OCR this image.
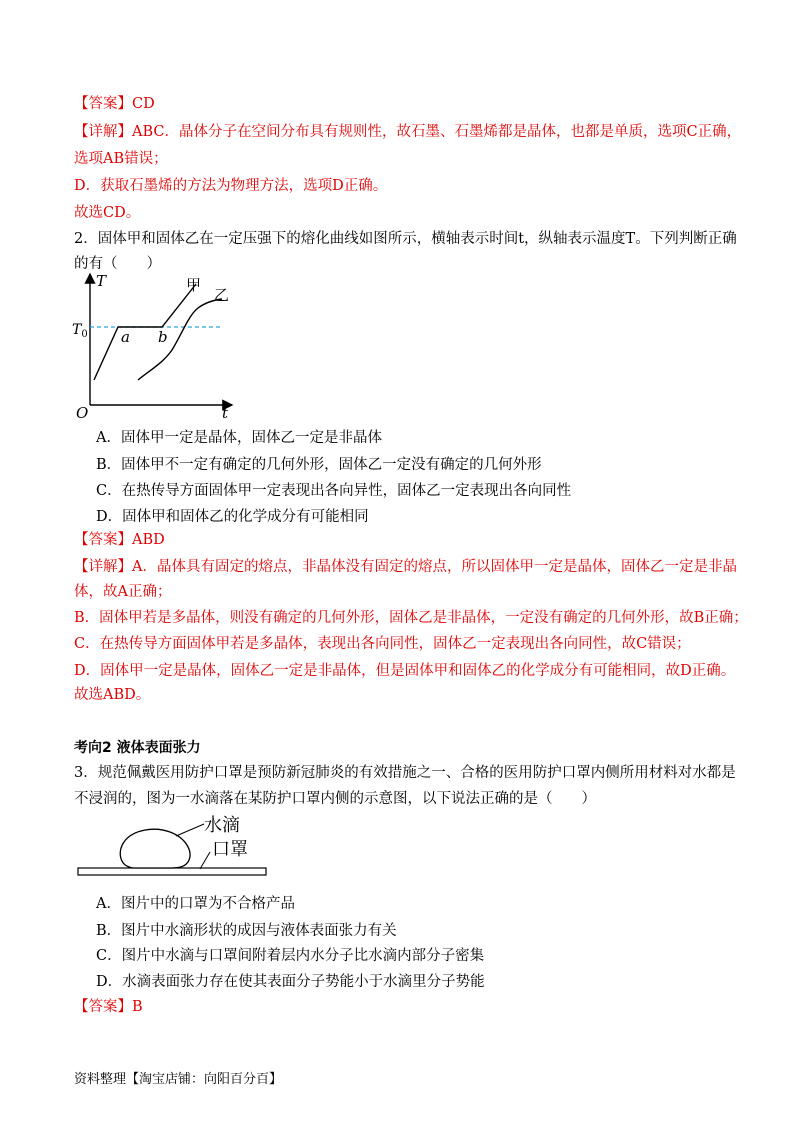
【答案】CD
【详解】ABC．晶体分子在空间分布具有规则性，故石墨、石墨烯都是晶体，也都是单质，选项C正确，
选项AB错误；
D．获取石墨烯的方法为物理方法，选项D正确。
故选CD。
2．固体甲和固体乙在一定压强下的熔化曲线如图所示，横轴表示时间t，纵轴表示温度T。下列判断正确
的有（　　）
T
t
O
$T_0$ a b
甲
乙
A．固体甲一定是晶体，固体乙一定是非晶体
B．固体甲不一定有确定的几何外形，固体乙一定没有确定的几何外形
C．在热传导方面固体甲一定表现出各向异性，固体乙一定表现出各向同性
D．固体甲和固体乙的化学成分有可能相同
【答案】ABD
【详解】A．晶体具有固定的熔点，非晶体没有固定的熔点，所以固体甲一定是晶体，固体乙一定是非晶
体，故A正确；
B．固体甲若是多晶体，则没有确定的几何外形，固体乙是非晶体，一定没有确定的几何外形，故B正确；
C．在热传导方面固体甲若是多晶体，表现出各向同性，固体乙一定表现出各向同性，故C错误；
D．固体甲一定是晶体，固体乙一定是非晶体，但是固体甲和固体乙的化学成分有可能相同，故D正确。
故选ABD。
考向2 液体表面张力
3．规范佩戴医用防护口罩是预防新冠肺炎的有效措施之一、合格的医用防护口罩内侧所用材料对水都是
不浸润的，图为一水滴落在某防护口罩内侧的示意图，以下说法正确的是（　　）
水滴
口罩
A．图片中的口罩为不合格产品
B．图片中水滴形状的成因与液体表面张力有关
C．图片中水滴与口罩间附着层内水分子比水滴内部分子密集
D．水滴表面张力存在使其表面分子势能小于水滴里分子势能
【答案】B
资料整理【淘宝店铺：向阳百分百】
